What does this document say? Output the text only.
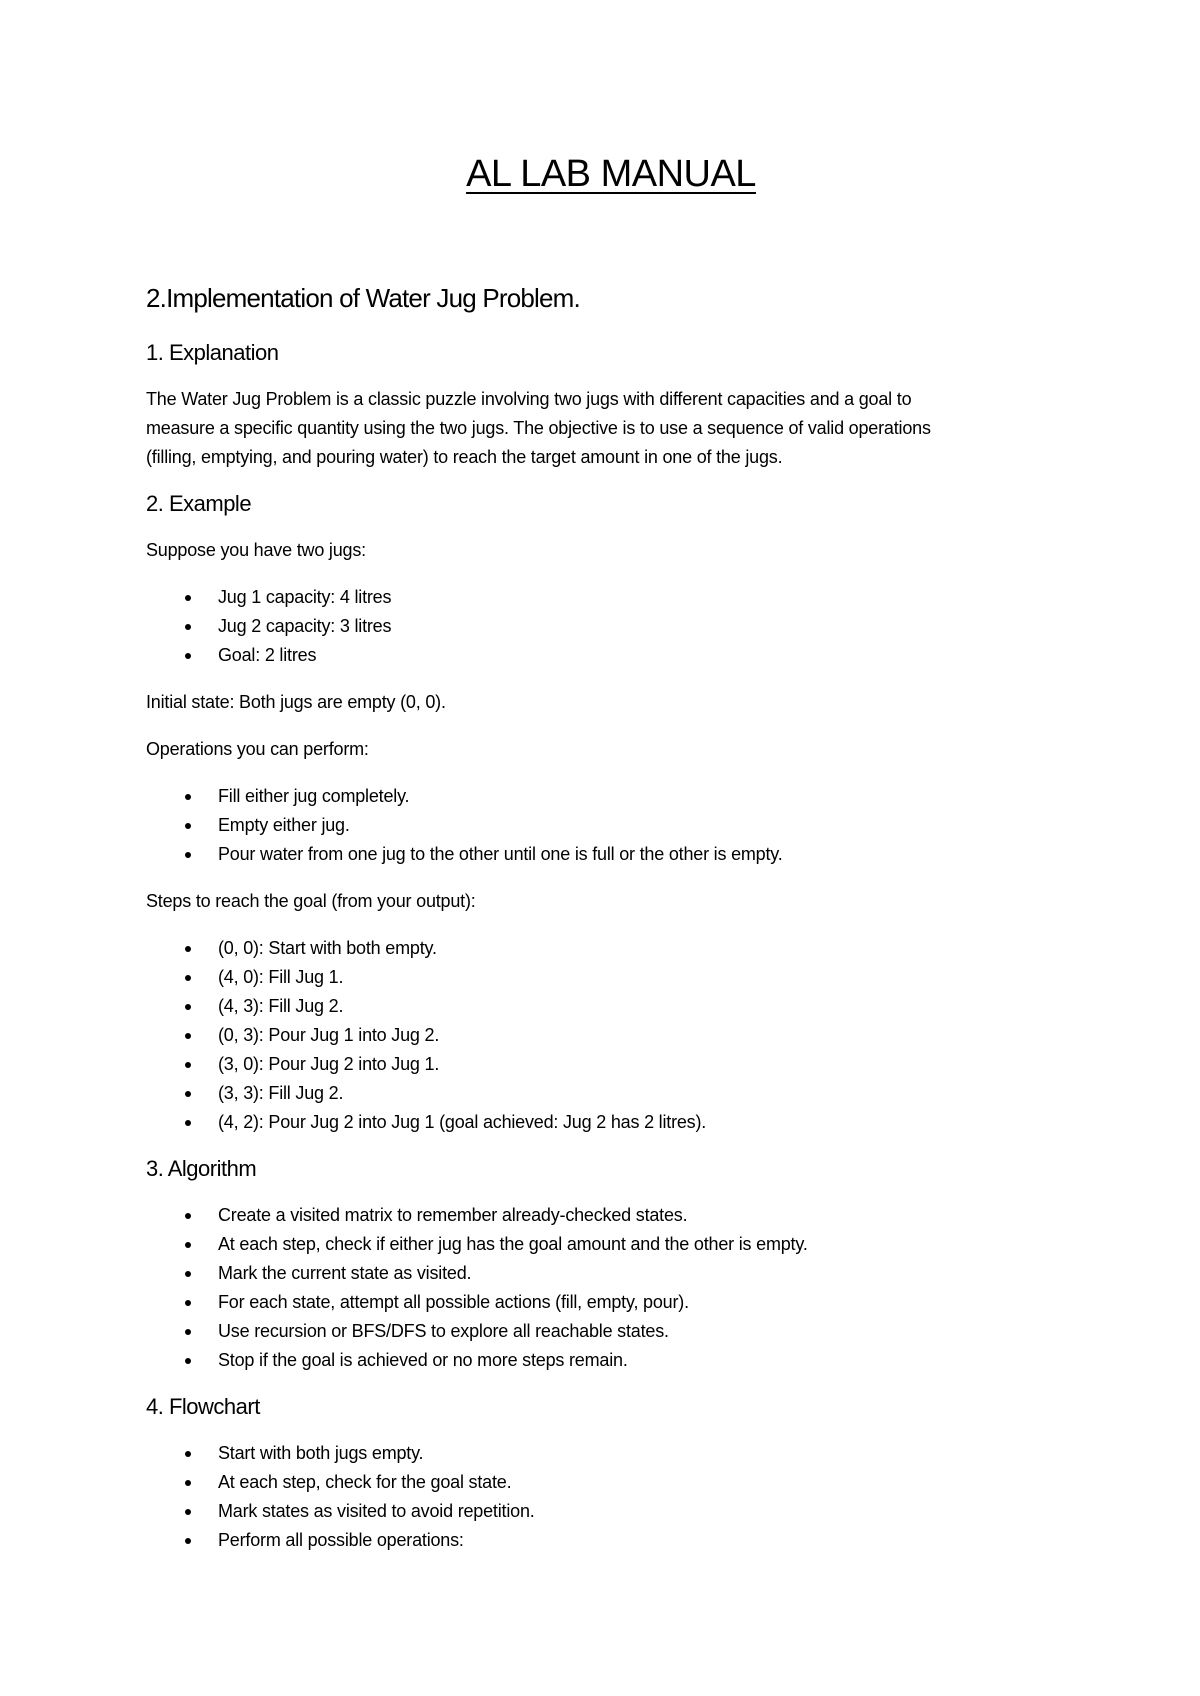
AL LAB MANUAL
2.Implementation of Water Jug Problem.
1. Explanation

The Water Jug Problem is a classic puzzle involving two jugs with different capacities and a goal to

measure a specific quantity using the two jugs. The objective is to use a sequence of valid operations

(filling, emptying, and pouring water) to reach the target amount in one of the jugs.

2. Example

Suppose you have two jugs:

Jug 1 capacity: 4 litres
Jug 2 capacity: 3 litres
Goal: 2 litres

Initial state: Both jugs are empty (0, 0).

Operations you can perform:

Fill either jug completely.
Empty either jug.
Pour water from one jug to the other until one is full or the other is empty.

Steps to reach the goal (from your output):

(0, 0): Start with both empty.
(4, 0): Fill Jug 1.
(4, 3): Fill Jug 2.
(0, 3): Pour Jug 1 into Jug 2.
(3, 0): Pour Jug 2 into Jug 1.
(3, 3): Fill Jug 2.
(4, 2): Pour Jug 2 into Jug 1 (goal achieved: Jug 2 has 2 litres).
3. Algorithm
Create a visited matrix to remember already-checked states.
At each step, check if either jug has the goal amount and the other is empty.
Mark the current state as visited.
For each state, attempt all possible actions (fill, empty, pour).
Use recursion or BFS/DFS to explore all reachable states.
Stop if the goal is achieved or no more steps remain.
4. Flowchart
Start with both jugs empty.
At each step, check for the goal state.
Mark states as visited to avoid repetition.
Perform all possible operations:
